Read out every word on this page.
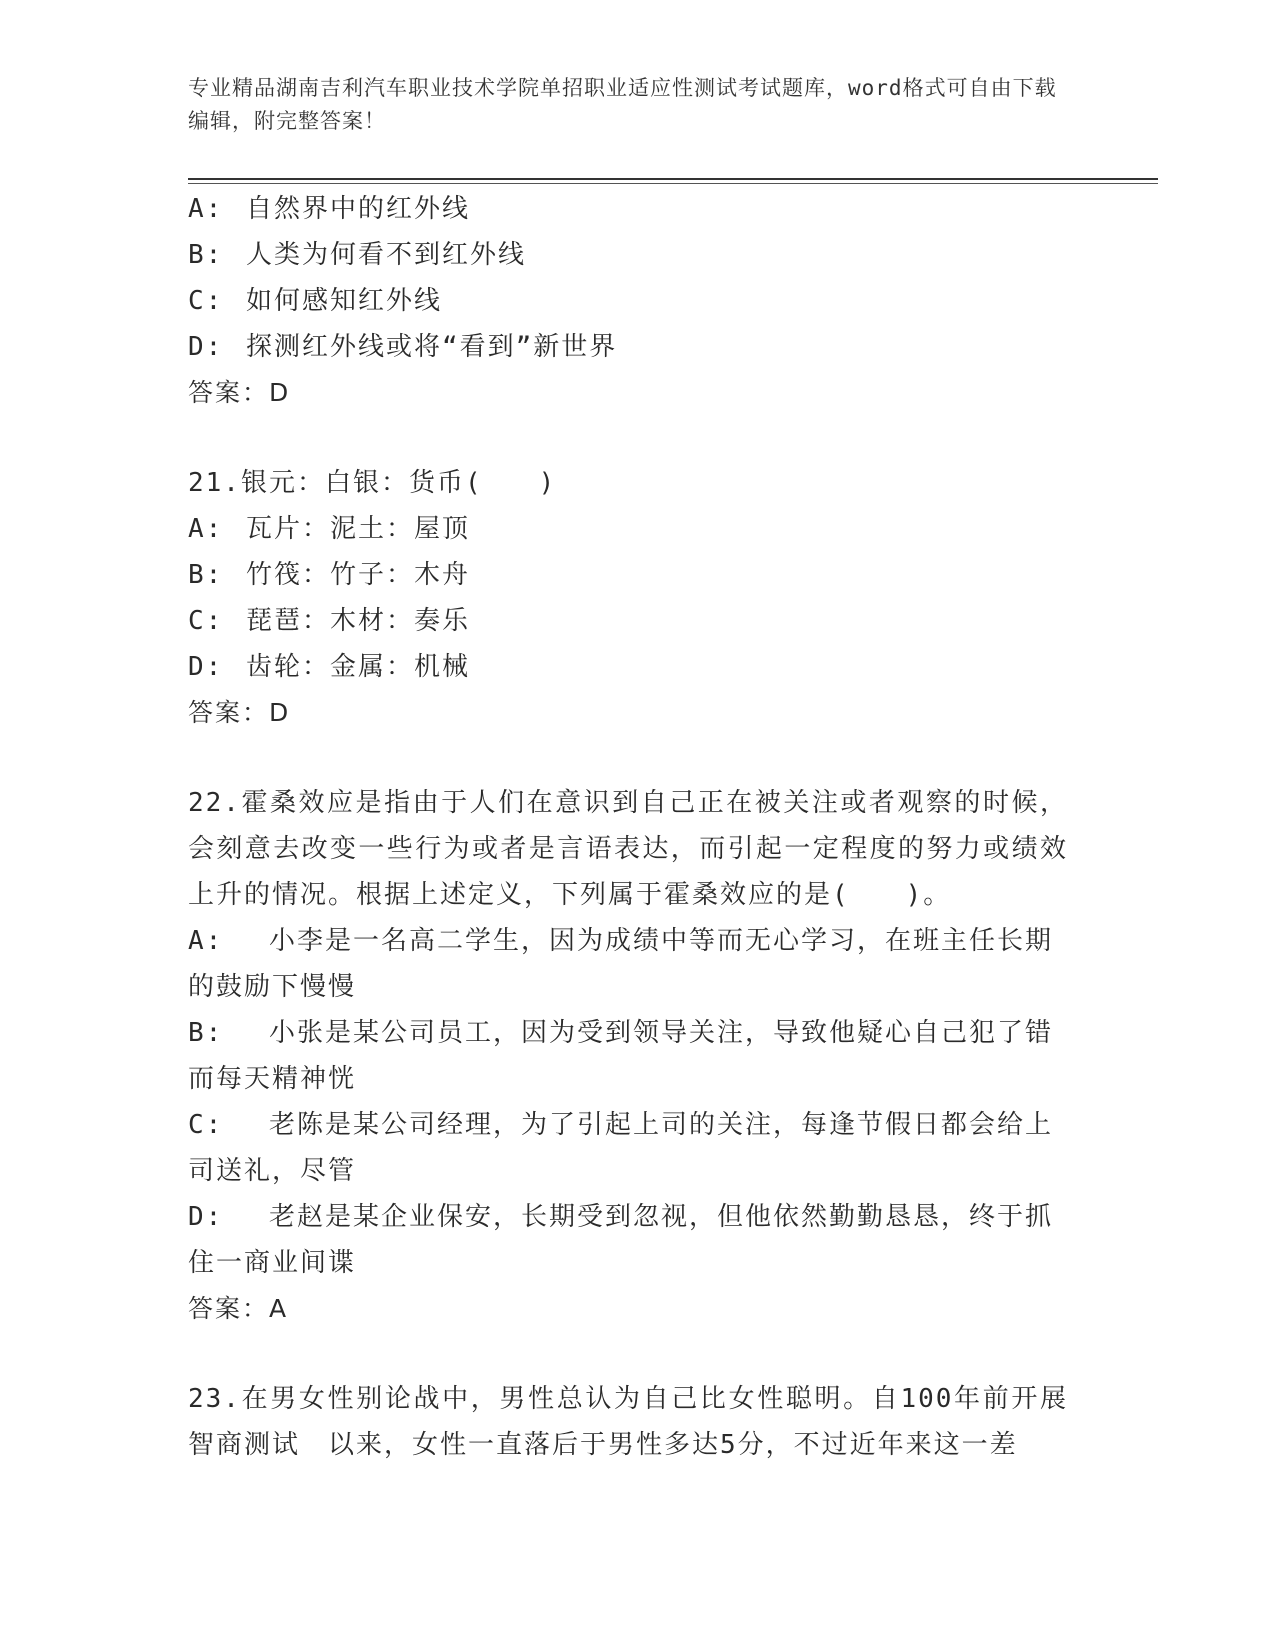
专业精品湖南吉利汽车职业技术学院单招职业适应性测试考试题库，word格式可自由下载编辑，附完整答案！
A: 自然界中的红外线
B: 人类为何看不到红外线
C: 如何感知红外线
D: 探测红外线或将“看到”新世界
答案：D
21.银元：白银：货币(　　)
A: 瓦片：泥土：屋顶
B: 竹筏：竹子：木舟
C: 琵琶：木材：奏乐
D: 齿轮：金属：机械
答案：D
22.霍桑效应是指由于人们在意识到自己正在被关注或者观察的时候，会刻意去改变一些行为或者是言语表达，而引起一定程度的努力或绩效上升的情况。根据上述定义，下列属于霍桑效应的是(　　)。
A:　 小李是一名高二学生，因为成绩中等而无心学习，在班主任长期的鼓励下慢慢
B:　 小张是某公司员工，因为受到领导关注，导致他疑心自己犯了错而每天精神恍
C:　 老陈是某公司经理，为了引起上司的关注，每逢节假日都会给上司送礼，尽管
D:　 老赵是某企业保安，长期受到忽视，但他依然勤勤恳恳，终于抓住一商业间谍
答案：A
23.在男女性别论战中，男性总认为自己比女性聪明。自100年前开展智商测试　以来，女性一直落后于男性多达5分，不过近年来这一差
